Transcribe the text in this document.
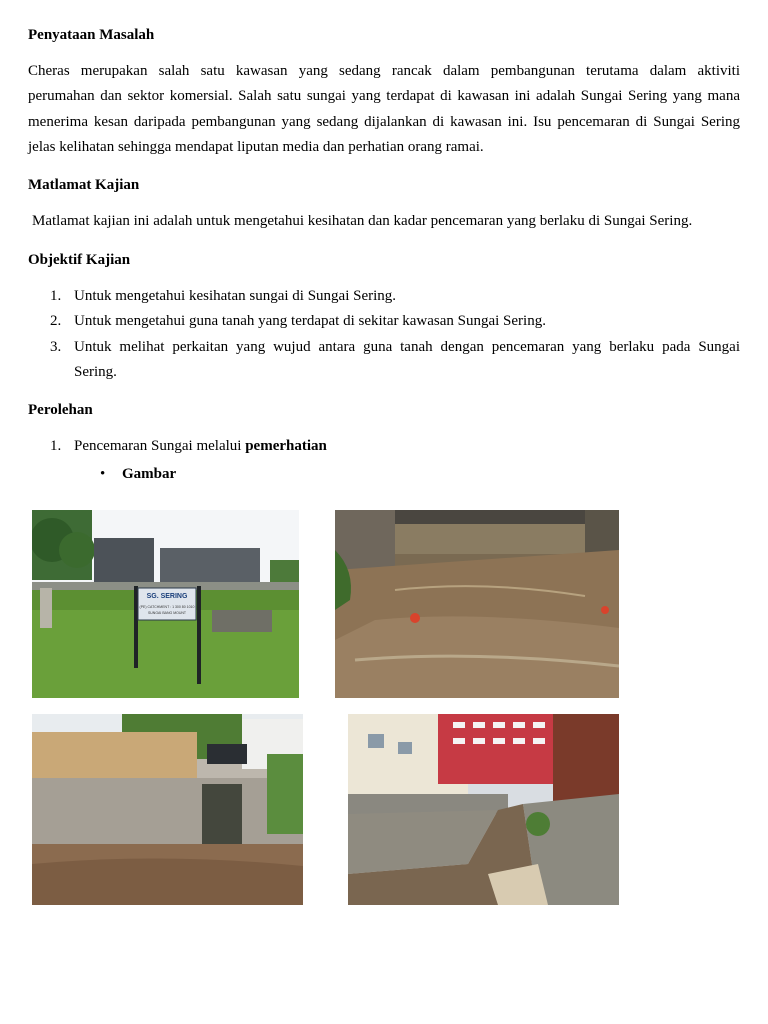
Penyataan Masalah
Cheras merupakan salah satu kawasan yang sedang rancak dalam pembangunan terutama dalam aktiviti
perumahan dan sektor komersial. Salah satu sungai yang terdapat di kawasan ini adalah Sungai Sering yang mana
menerima kesan daripada pembangunan yang sedang dijalankan di kawasan ini. Isu pencemaran di Sungai Sering
jelas kelihatan sehingga mendapat liputan media dan perhatian orang ramai.
Matlamat Kajian
Matlamat kajian ini adalah untuk mengetahui kesihatan dan kadar pencemaran yang berlaku di Sungai Sering.
Objektif Kajian
1. Untuk mengetahui kesihatan sungai di Sungai Sering.
2. Untuk mengetahui guna tanah yang terdapat di sekitar kawasan Sungai Sering.
3. Untuk melihat perkaitan yang wujud antara guna tanah dengan pencemaran yang berlaku pada Sungai
Sering.
Perolehan
1. Pencemaran Sungai melalui pemerhatian
• Gambar
SG. SERING
(PE) CATCHMENT : 1 300 80 1010
SUNGAI BANG MOUNT
